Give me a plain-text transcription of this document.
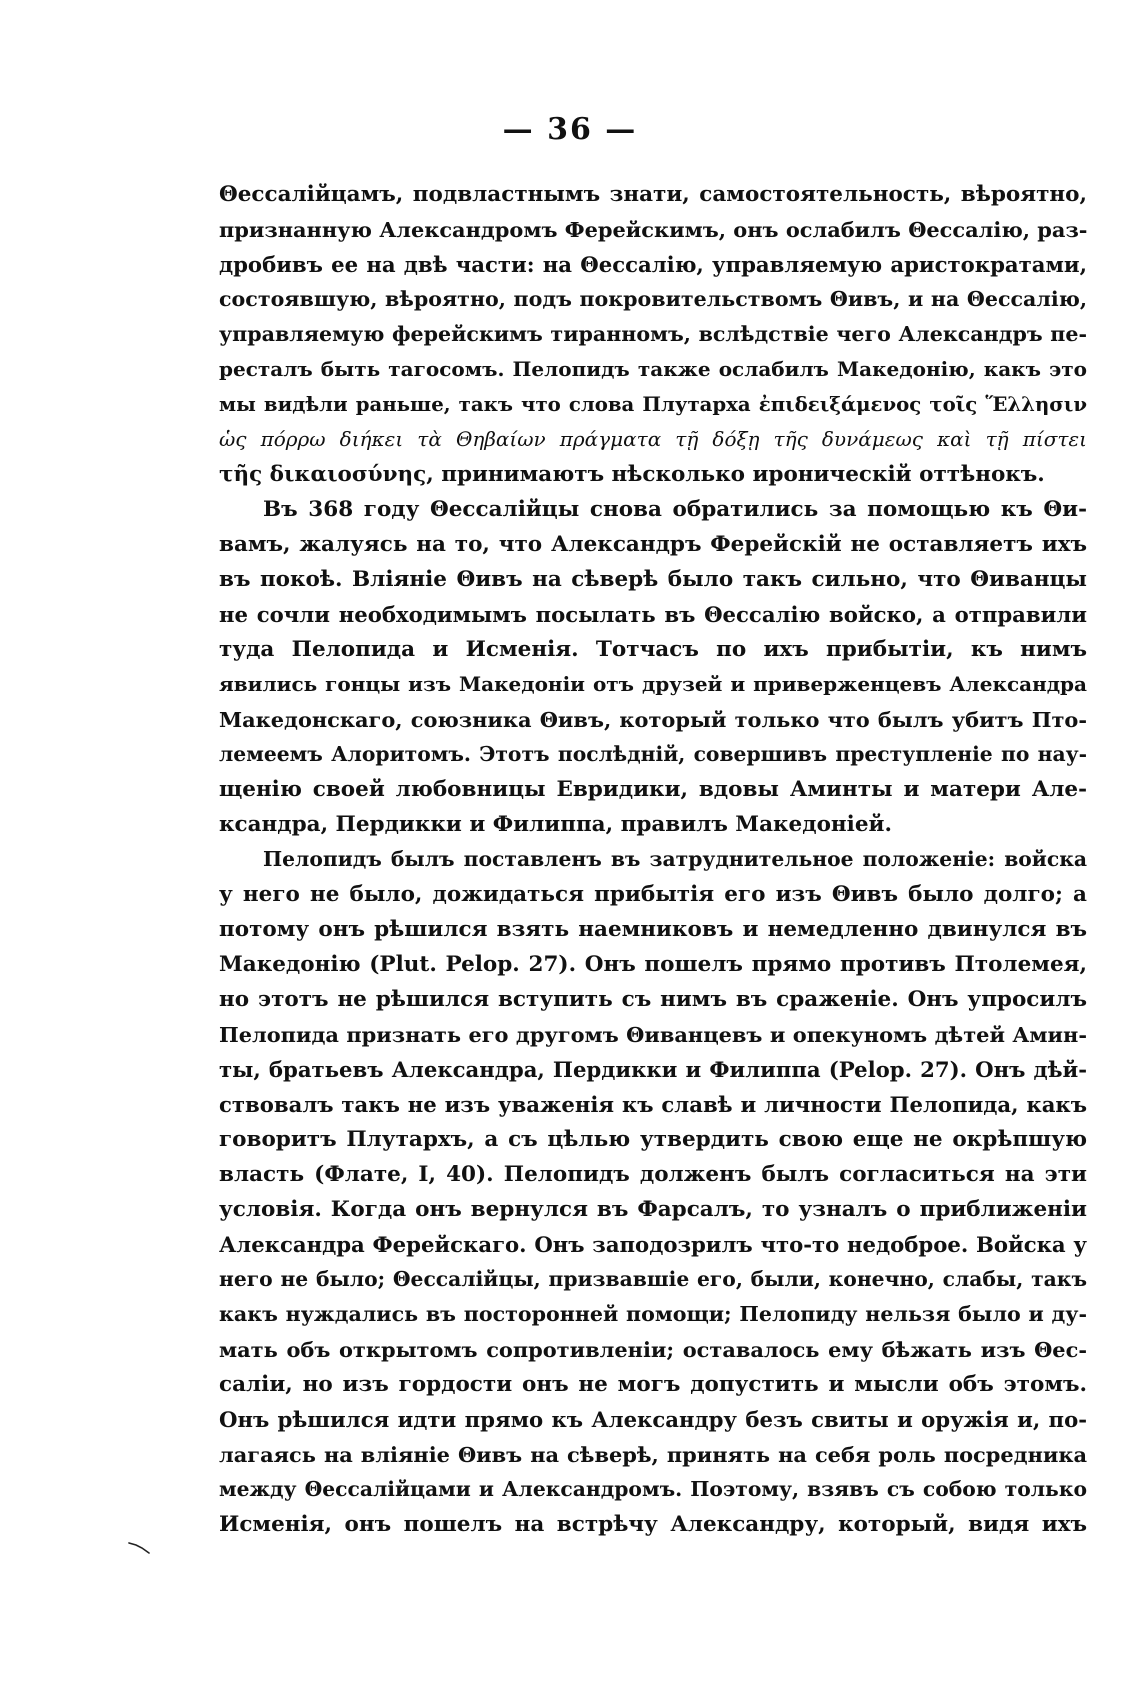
— 36 —
Θессалійцамъ, подвластнымъ знати, самостоятельность, вѣроятно,
признанную Александромъ Ферейскимъ, онъ ослабилъ Θессалію, раз-
дробивъ ее на двѣ части: на Θессалію, управляемую аристократами,
состоявшую, вѣроятно, подъ покровительствомъ Θивъ, и на Θессалію,
управляемую ферейскимъ тиранномъ, вслѣдствіе чего Александръ пе-
ресталъ быть тагосомъ. Пелопидъ также ослабилъ Македонію, какъ это
мы видѣли раньше, такъ что слова Плутарха ἐπιδειξάμενος τοῖς Ἕλλησιν
ὡς πόρρω διήκει τὰ Θηβαίων πράγματα τῇ δόξῃ τῆς δυνάμεως καὶ τῇ πίστει
τῆς δικαιοσύνης, принимаютъ нѣсколько ироническій оттѣнокъ.
Въ 368 году Θессалійцы снова обратились за помощью къ Θи-
вамъ, жалуясь на то, что Александръ Ферейскій не оставляетъ ихъ
въ покоѣ. Вліяніе Θивъ на сѣверѣ было такъ сильно, что Θиванцы
не сочли необходимымъ посылать въ Θессалію войско, а отправили
туда Пелопида и Исменія. Тотчасъ по ихъ прибытіи, къ нимъ
явились гонцы изъ Македоніи отъ друзей и приверженцевъ Александра
Македонскаго, союзника Θивъ, который только что былъ убитъ Пто-
лемеемъ Алоритомъ. Этотъ послѣдній, совершивъ преступленіе по нау-
щенію своей любовницы Евридики, вдовы Аминты и матери Але-
ксандра, Пердикки и Филиппа, правилъ Македоніей.
Пелопидъ былъ поставленъ въ затруднительное положеніе: войска
у него не было, дожидаться прибытія его изъ Θивъ было долго; а
потому онъ рѣшился взять наемниковъ и немедленно двинулся въ
Македонію (Plut. Pelop. 27). Онъ пошелъ прямо противъ Птолемея,
но этотъ не рѣшился вступить съ нимъ въ сраженіе. Онъ упросилъ
Пелопида признать его другомъ Θиванцевъ и опекуномъ дѣтей Амин-
ты, братьевъ Александра, Пердикки и Филиппа (Pelop. 27). Онъ дѣй-
ствовалъ такъ не изъ уваженія къ славѣ и личности Пелопида, какъ
говоритъ Плутархъ, а съ цѣлью утвердить свою еще не окрѣпшую
власть (Флате, I, 40). Пелопидъ долженъ былъ согласиться на эти
условія. Когда онъ вернулся въ Фарсалъ, то узналъ о приближеніи
Александра Ферейскаго. Онъ заподозрилъ что-то недоброе. Войска у
него не было; Θессалійцы, призвавшіе его, были, конечно, слабы, такъ
какъ нуждались въ посторонней помощи; Пелопиду нельзя было и ду-
мать объ открытомъ сопротивленіи; оставалось ему бѣжать изъ Θес-
саліи, но изъ гордости онъ не могъ допустить и мысли объ этомъ.
Онъ рѣшился идти прямо къ Александру безъ свиты и оружія и, по-
лагаясь на вліяніе Θивъ на сѣверѣ, принять на себя роль посредника
между Θессалійцами и Александромъ. Поэтому, взявъ съ собою только
Исменія, онъ пошелъ на встрѣчу Александру, который, видя ихъ
